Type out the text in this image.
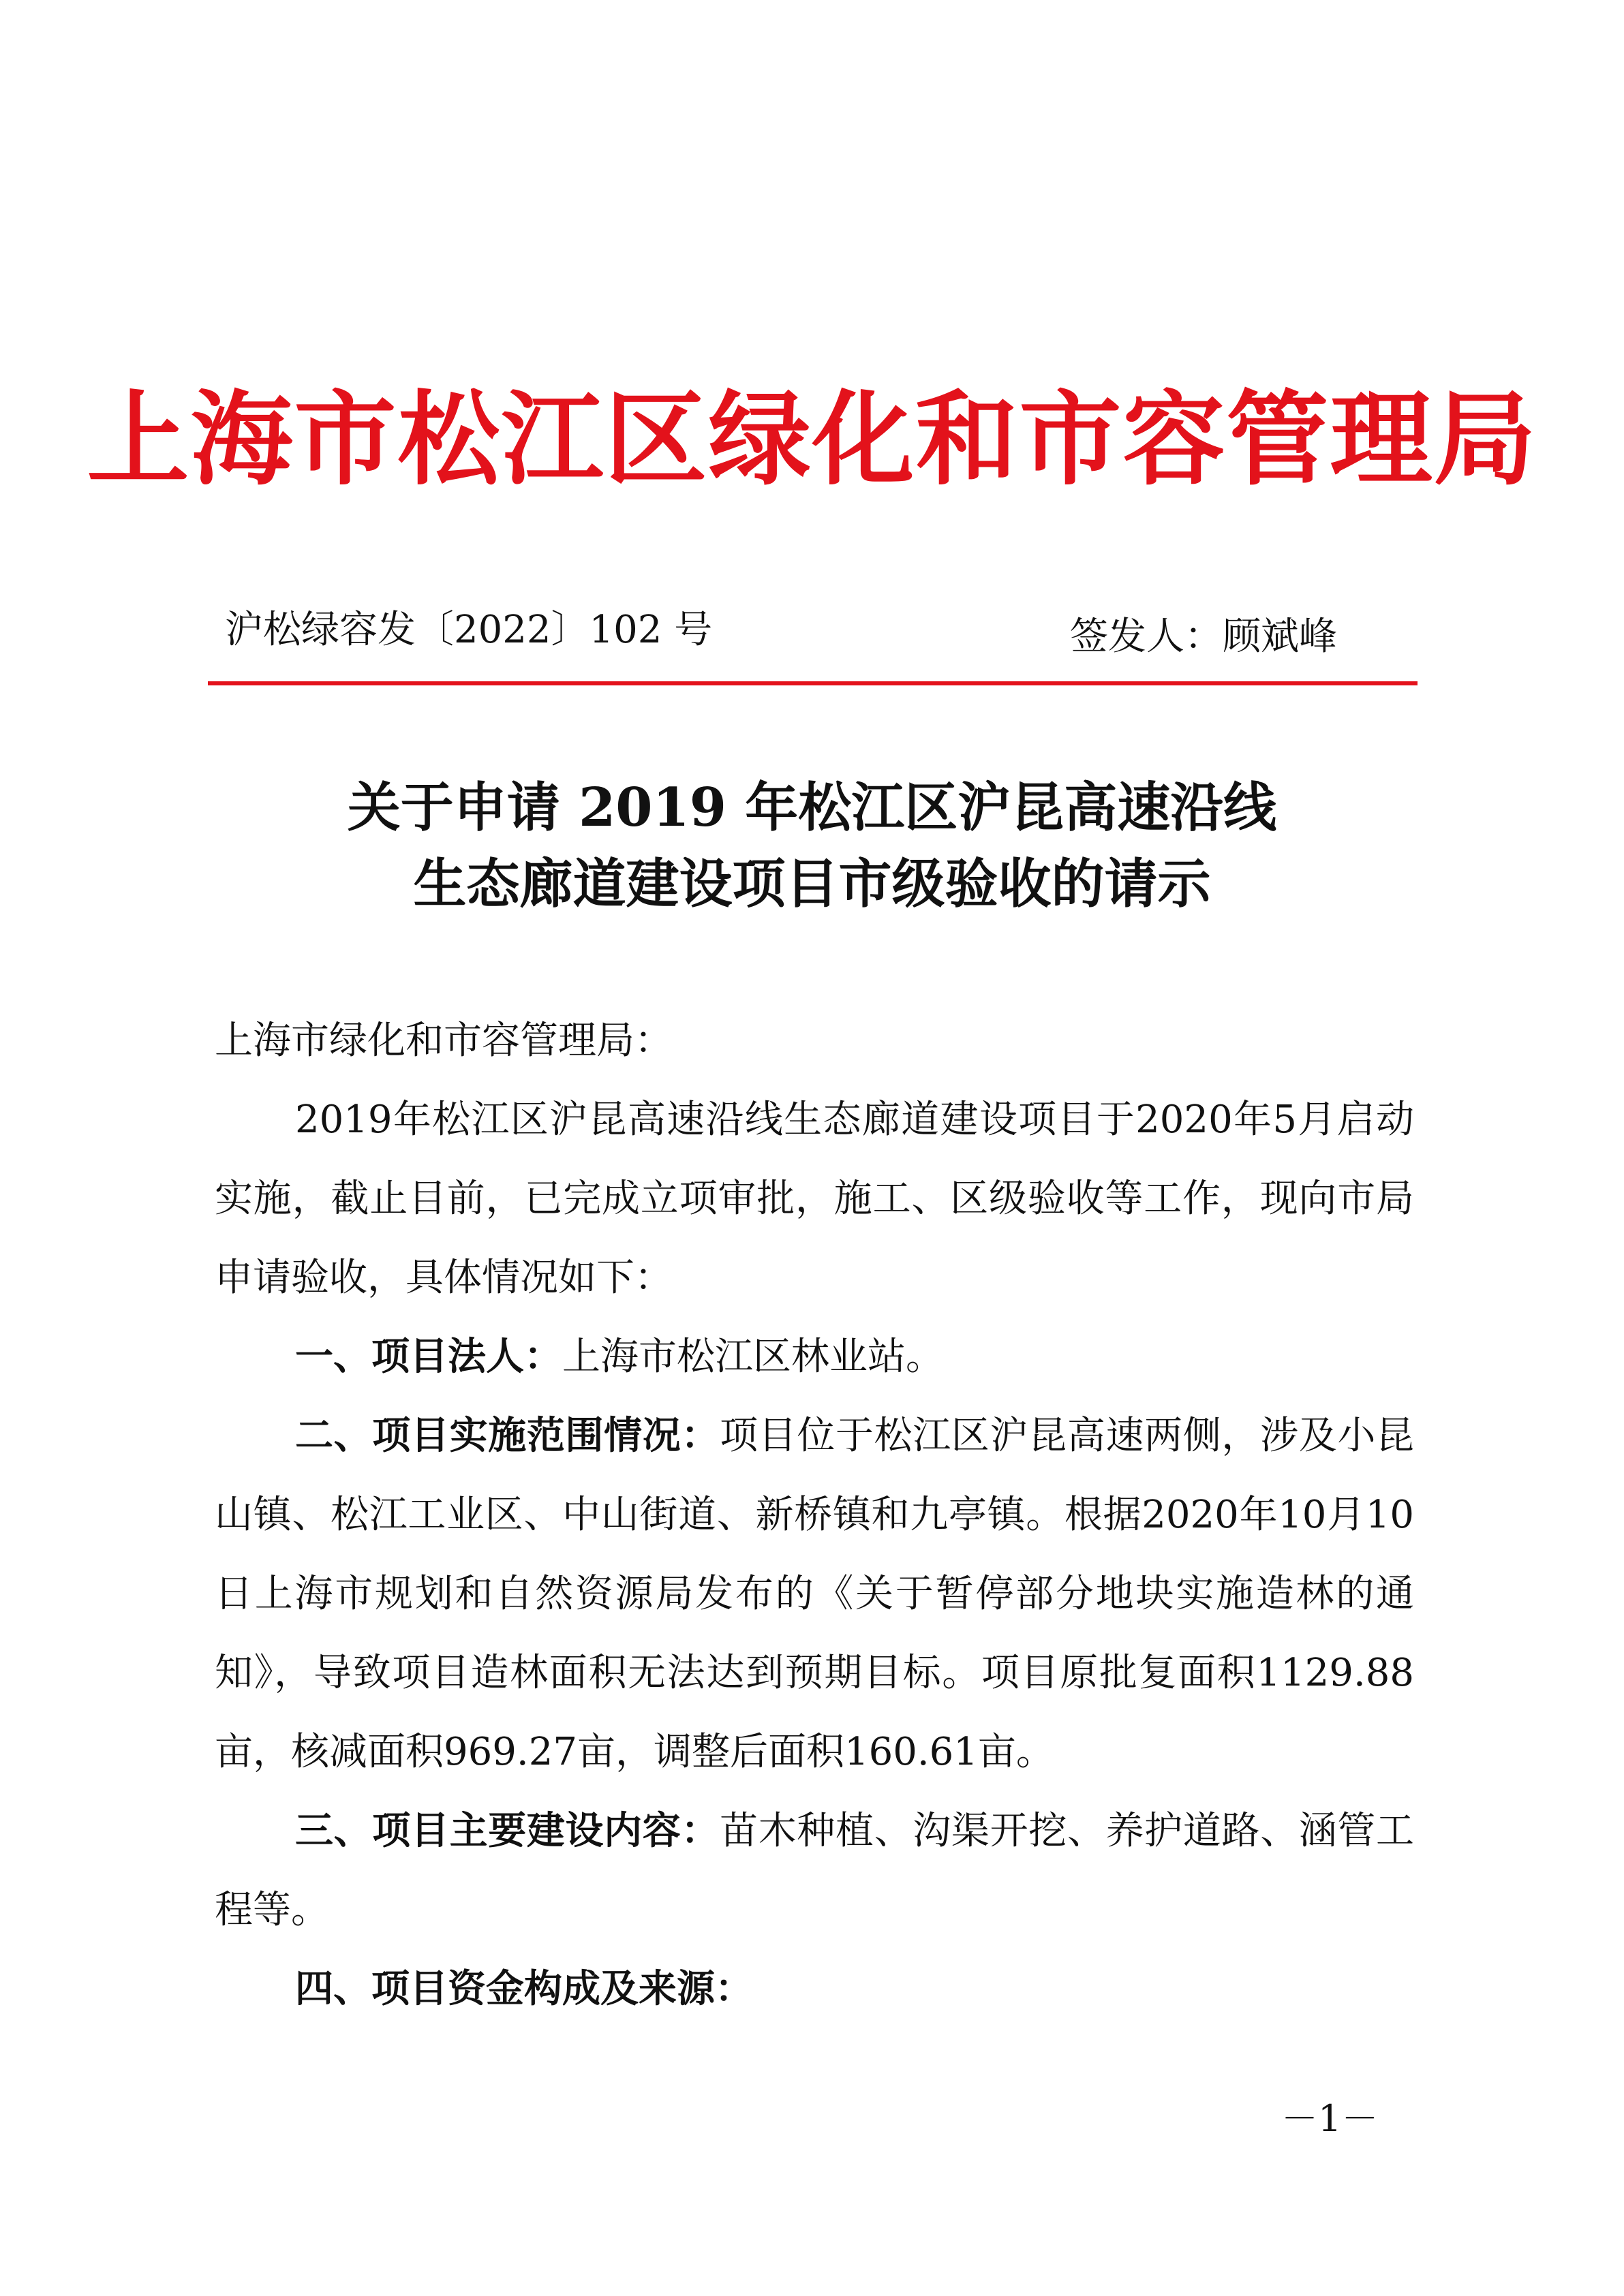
上海市松江区绿化和市容管理局
沪松绿容发〔2022〕102 号	签发人：顾斌峰
关于申请 2019 年松江区沪昆高速沿线
生态廊道建设项目市级验收的请示

上海市绿化和市容管理局：

2019年松江区沪昆高速沿线生态廊道建设项目于2020年5月启动实施，截止目前，已完成立项审批，施工、区级验收等工作，现向市局申请验收，具体情况如下：

一、项目法人：上海市松江区林业站。

二、项目实施范围情况：项目位于松江区沪昆高速两侧，涉及小昆山镇、松江工业区、中山街道、新桥镇和九亭镇。根据2020年10月10日上海市规划和自然资源局发布的《关于暂停部分地块实施造林的通知》，导致项目造林面积无法达到预期目标。项目原批复面积1129.88亩，核减面积969.27亩，调整后面积160.61亩。

三、项目主要建设内容：苗木种植、沟渠开挖、养护道路、涵管工程等。

四、项目资金构成及来源：

－1－
